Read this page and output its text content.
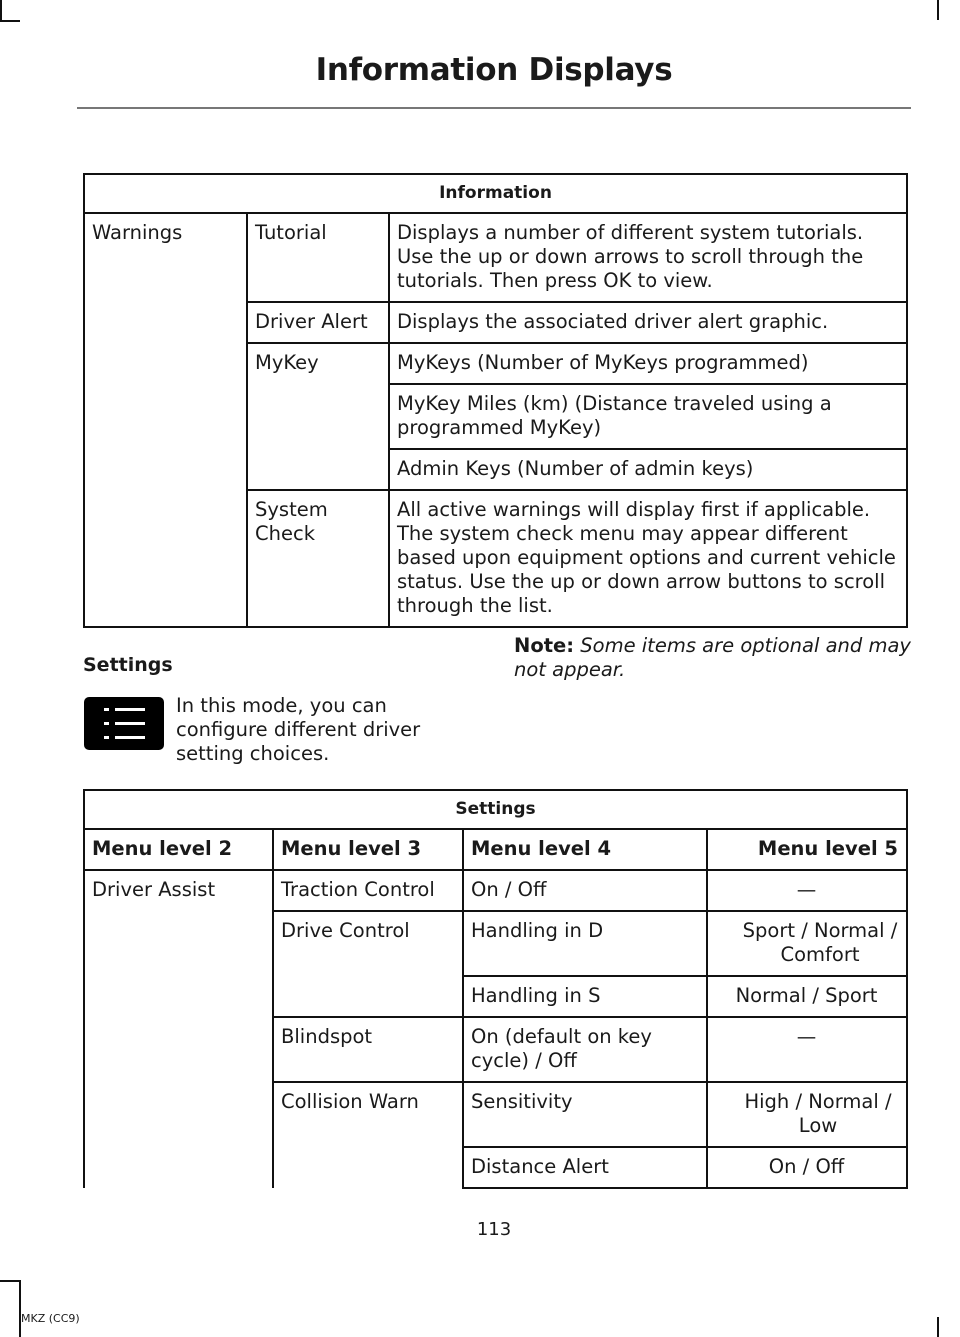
Information Displays
Information		
Warnings	Tutorial	Displays a number of different system tutorials. Use the up or down arrows to scroll through the tutorials. Then press OK to view.
	Driver Alert	Displays the associated driver alert graphic.
	MyKey	MyKeys (Number of MyKeys programmed)
		MyKey Miles (km) (Distance traveled using a programmed MyKey)
		Admin Keys (Number of admin keys)
	System Check	All active warnings will display first if applicable. The system check menu may appear different based upon equipment options and current vehicle status. Use the up or down arrow buttons to scroll through the list.
Settings
In this mode, you can configure different driver setting choices.
Note: Some items are optional and may not appear.
Settings			
Menu level 2	Menu level 3	Menu level 4	Menu level 5
Driver Assist	Traction Control	On / Off	—
	Drive Control	Handling in D	Sport / Normal / Comfort
		Handling in S	Normal / Sport
	Blindspot	On (default on key cycle) / Off	—
	Collision Warn	Sensitivity	High / Normal / Low
		Distance Alert	On / Off
113
MKZ (CC9)
